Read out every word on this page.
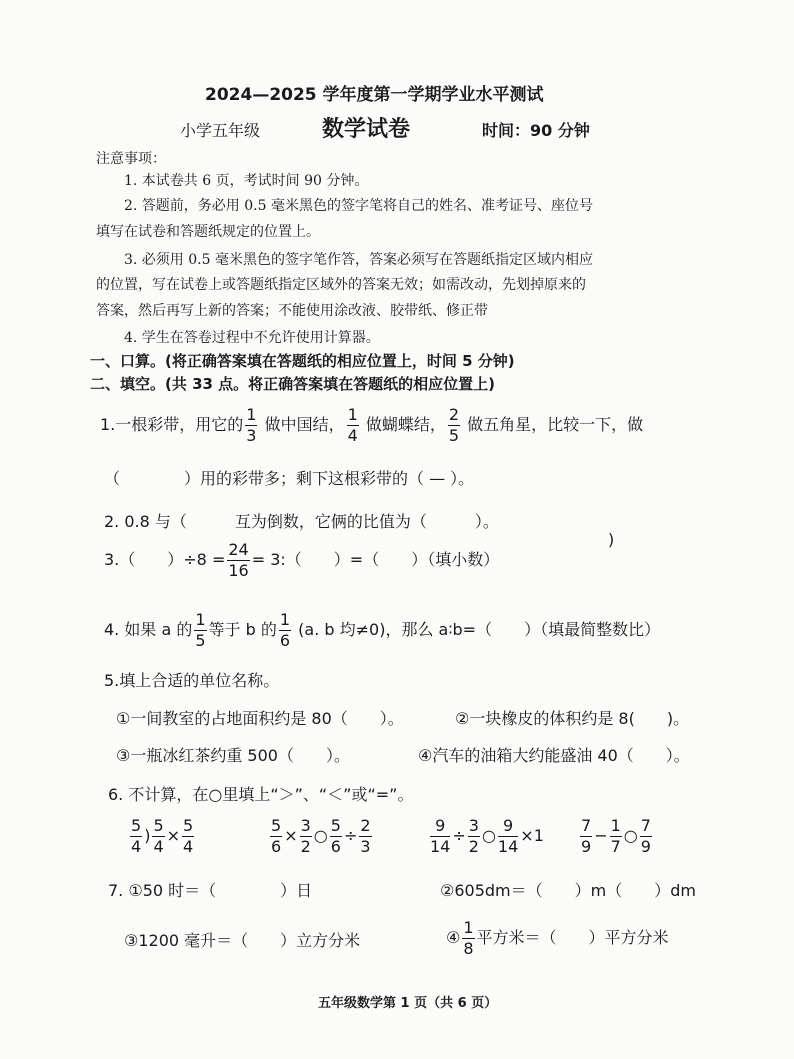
2024—2025 学年度第一学期学业水平测试
小学五年级	数学试卷	时间：90 分钟
注意事项：
1. 本试卷共 6 页，考试时间 90 分钟。
2. 答题前，务必用 0.5 毫米黑色的签字笔将自己的姓名、准考证号、座位号
填写在试卷和答题纸规定的位置上。
3. 必须用 0.5 毫米黑色的签字笔作答，答案必须写在答题纸指定区域内相应
的位置，写在试卷上或答题纸指定区域外的答案无效；如需改动，先划掉原来的
答案，然后再写上新的答案；不能使用涂改液、胶带纸、修正带
4. 学生在答卷过程中不允许使用计算器。
一、口算。(将正确答案填在答题纸的相应位置上，时间 5 分钟)
二、填空。(共 33 点。将正确答案填在答题纸的相应位置上)
1.一根彩带，用它的 $\frac{1}{3}$ 做中国结， $\frac{1}{4}$ 做蝴蝶结， $\frac{2}{5}$ 做五角星，比较一下，做
（　　　　）用的彩带多；剩下这根彩带的（ — ）。
2. 0.8 与（　　　互为倒数，它俩的比值为（　　　）。
3.（　　）$\div 8 = \frac{24}{16}$ = 3:（　　）=（　　）（填小数）
)
4. 如果 a 的 $\frac{1}{5}$ 等于 b 的 $\frac{1}{6} (a$. b 均≠0)，那么 a∶b=（　　）（填最简整数比）
5.填上合适的单位名称。
①一间教室的占地面积约是 80（　　）。	②一块橡皮的体积约是 8(　　)。
③一瓶冰红茶约重 500（　　）。	④汽车的油箱大约能盛油 40（　　）。
6. 不计算，在○里填上“＞”、“＜”或“=”。
$\frac{5}{4}$ ) $\frac{5}{4} \times \frac{5}{4}$	$\frac{5}{6} \times \frac{3}{2}$ ○ $\frac{5}{6} \div \frac{2}{3}$	$\frac{9}{14} \div \frac{3}{2}$ ○ $\frac{9}{14} \times 1 \frac{7}{9} - \frac{1}{7}$ ○ $\frac{7}{9}$
7. ①50 时＝（　　　　）日	②605dm＝（　　）m（　　）dm
③1200 毫升＝（　　）立方分米	④ $\frac{1}{8}$ 平方米＝（　　）平方分米
五年级数学第 1 页（共 6 页）
